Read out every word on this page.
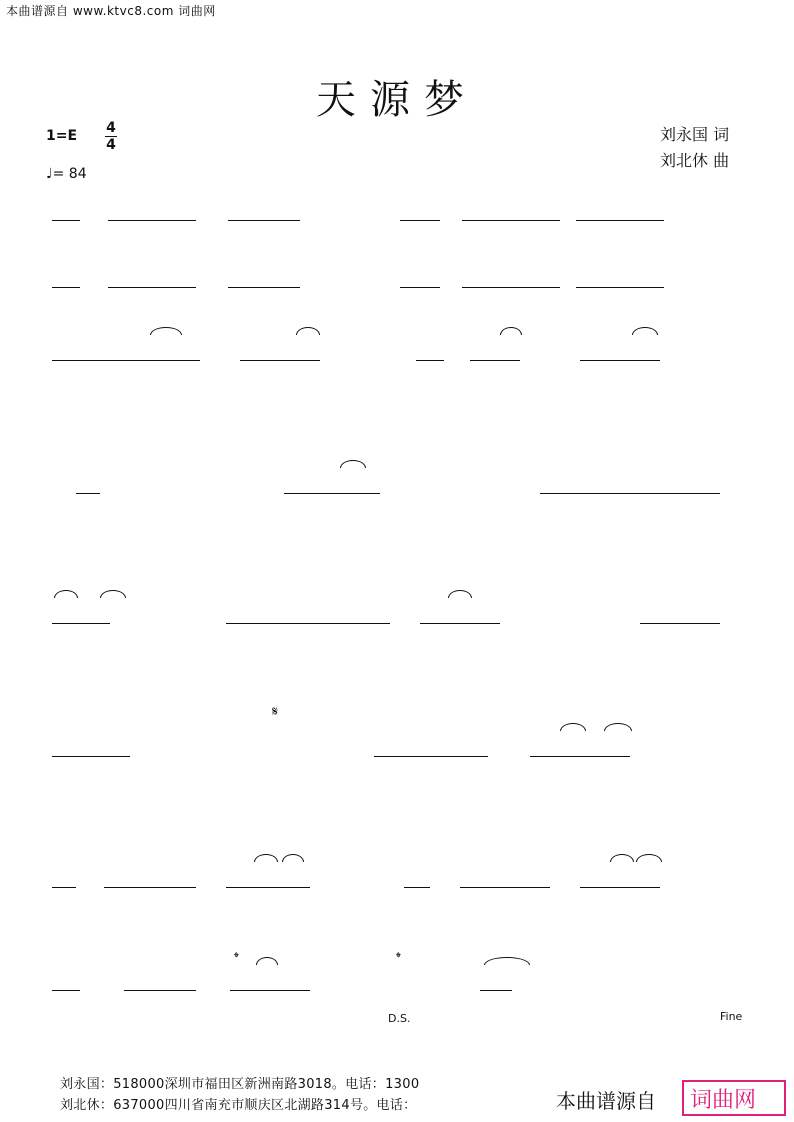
本曲谱源自 www.ktvc8.com 词曲网
天源梦
1=E 4
4
♩= 84
刘永国 词
刘北休 曲
𝄋
𝄌	𝄌
D.S.	Fine
刘永国：518000深圳市福田区新洲南路3018。电话：1300
刘北休：637000四川省南充市顺庆区北湖路314号。电话：	本曲谱源自 词曲网
